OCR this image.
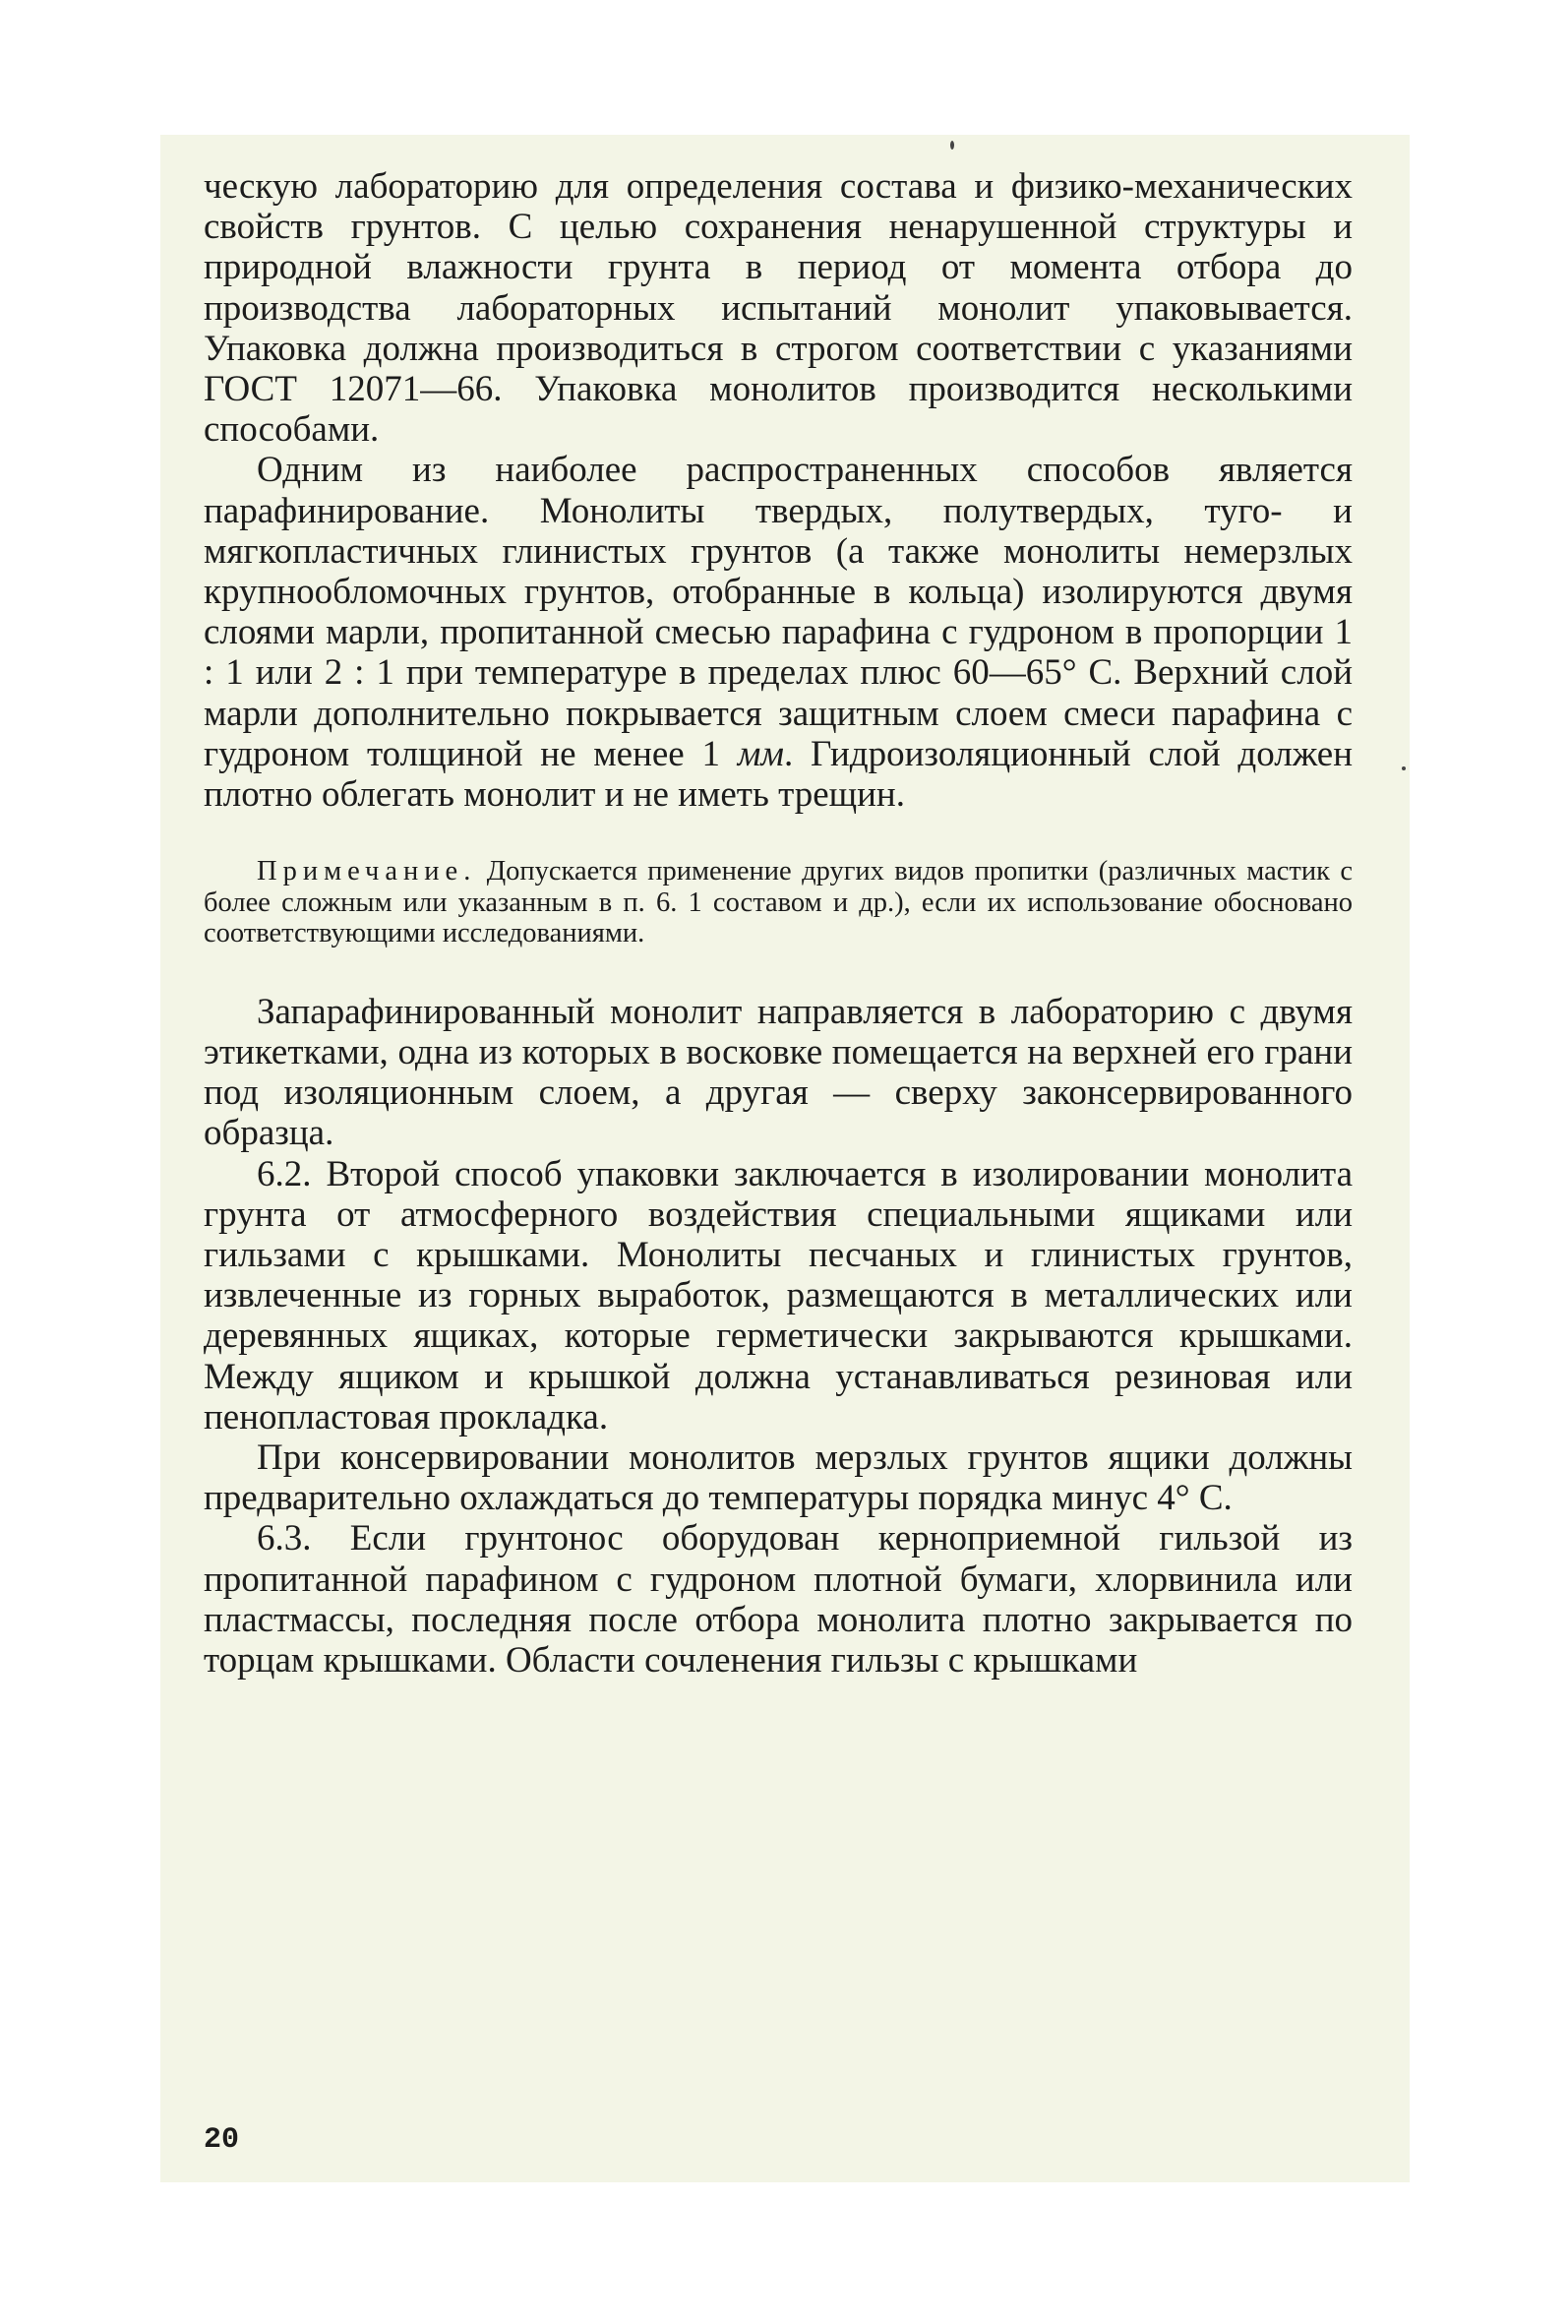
ческую лабораторию для определения состава и физико-механических свойств грунтов. С целью сохранения ненарушенной структуры и природной влажности грунта в период от момента отбора до производства лабораторных испытаний монолит упаковывается. Упаковка должна производиться в строгом соответствии с указаниями ГОСТ 12071—66. Упаковка монолитов производится несколькими способами.

Одним из наиболее распространенных способов является парафинирование. Монолиты твердых, полутвердых, туго- и мягкопластичных глинистых грунтов (а также монолиты немерзлых крупнообломочных грунтов, отобранные в кольца) изолируются двумя слоями марли, пропитанной смесью парафина с гудроном в пропорции 1 : 1 или 2 : 1 при температуре в пределах плюс 60—65° С. Верхний слой марли дополнительно покрывается защитным слоем смеси парафина с гудроном толщиной не менее 1 мм. Гидроизоляционный слой должен плотно облегать монолит и не иметь трещин.

Примечание. Допускается применение других видов пропитки (различных мастик с более сложным или указанным в п. 6. 1 составом и др.), если их использование обосновано соответствующими исследованиями.

Запарафинированный монолит направляется в лабораторию с двумя этикетками, одна из которых в восковке помещается на верхней его грани под изоляционным слоем, а другая — сверху законсервированного образца.

6.2. Второй способ упаковки заключается в изолировании монолита грунта от атмосферного воздействия специальными ящиками или гильзами с крышками. Монолиты песчаных и глинистых грунтов, извлеченные из горных выработок, размещаются в металлических или деревянных ящиках, которые герметически закрываются крышками. Между ящиком и крышкой должна устанавливаться резиновая или пенопластовая прокладка.

При консервировании монолитов мерзлых грунтов ящики должны предварительно охлаждаться до температуры порядка минус 4° С.

6.3. Если грунтонос оборудован керноприемной гильзой из пропитанной парафином с гудроном плотной бумаги, хлорвинила или пластмассы, последняя после отбора монолита плотно закрывается по торцам крышками. Области сочленения гильзы с крышками

20
